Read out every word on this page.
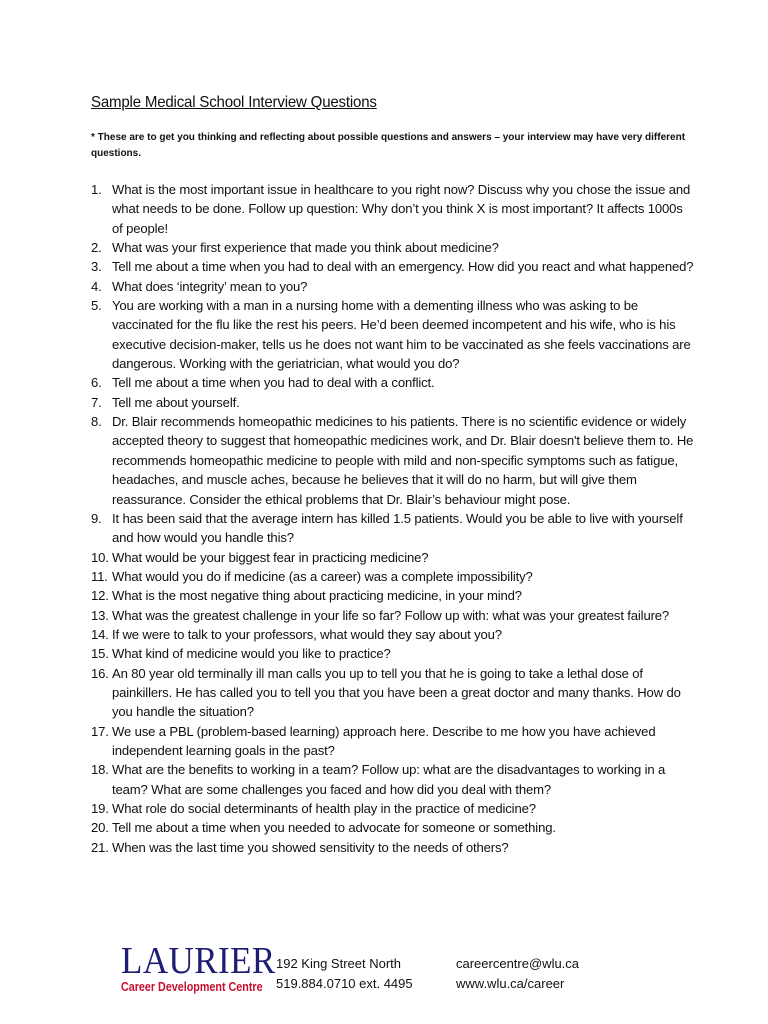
Sample Medical School Interview Questions
* These are to get you thinking and reflecting about possible questions and answers – your interview may have very different questions.
1. What is the most important issue in healthcare to you right now? Discuss why you chose the issue and what needs to be done. Follow up question: Why don’t you think X is most important? It affects 1000s of people!
2. What was your first experience that made you think about medicine?
3. Tell me about a time when you had to deal with an emergency. How did you react and what happened?
4. What does ‘integrity’ mean to you?
5. You are working with a man in a nursing home with a dementing illness who was asking to be vaccinated for the flu like the rest his peers. He’d been deemed incompetent and his wife, who is his executive decision-maker, tells us he does not want him to be vaccinated as she feels vaccinations are dangerous. Working with the geriatrician, what would you do?
6. Tell me about a time when you had to deal with a conflict.
7. Tell me about yourself.
8. Dr. Blair recommends homeopathic medicines to his patients. There is no scientific evidence or widely accepted theory to suggest that homeopathic medicines work, and Dr. Blair doesn't believe them to. He recommends homeopathic medicine to people with mild and non-specific symptoms such as fatigue, headaches, and muscle aches, because he believes that it will do no harm, but will give them reassurance. Consider the ethical problems that Dr. Blair’s behaviour might pose.
9. It has been said that the average intern has killed 1.5 patients. Would you be able to live with yourself and how would you handle this?
10. What would be your biggest fear in practicing medicine?
11. What would you do if medicine (as a career) was a complete impossibility?
12. What is the most negative thing about practicing medicine, in your mind?
13. What was the greatest challenge in your life so far? Follow up with: what was your greatest failure?
14. If we were to talk to your professors, what would they say about you?
15. What kind of medicine would you like to practice?
16. An 80 year old terminally ill man calls you up to tell you that he is going to take a lethal dose of painkillers. He has called you to tell you that you have been a great doctor and many thanks. How do you handle the situation?
17. We use a PBL (problem-based learning) approach here. Describe to me how you have achieved independent learning goals in the past?
18. What are the benefits to working in a team? Follow up: what are the disadvantages to working in a team? What are some challenges you faced and how did you deal with them?
19. What role do social determinants of health play in the practice of medicine?
20. Tell me about a time when you needed to advocate for someone or something.
21. When was the last time you showed sensitivity to the needs of others?
LAURIER
Career Development Centre
192 King Street North
519.884.0710 ext. 4495
careercentre@wlu.ca
www.wlu.ca/career
